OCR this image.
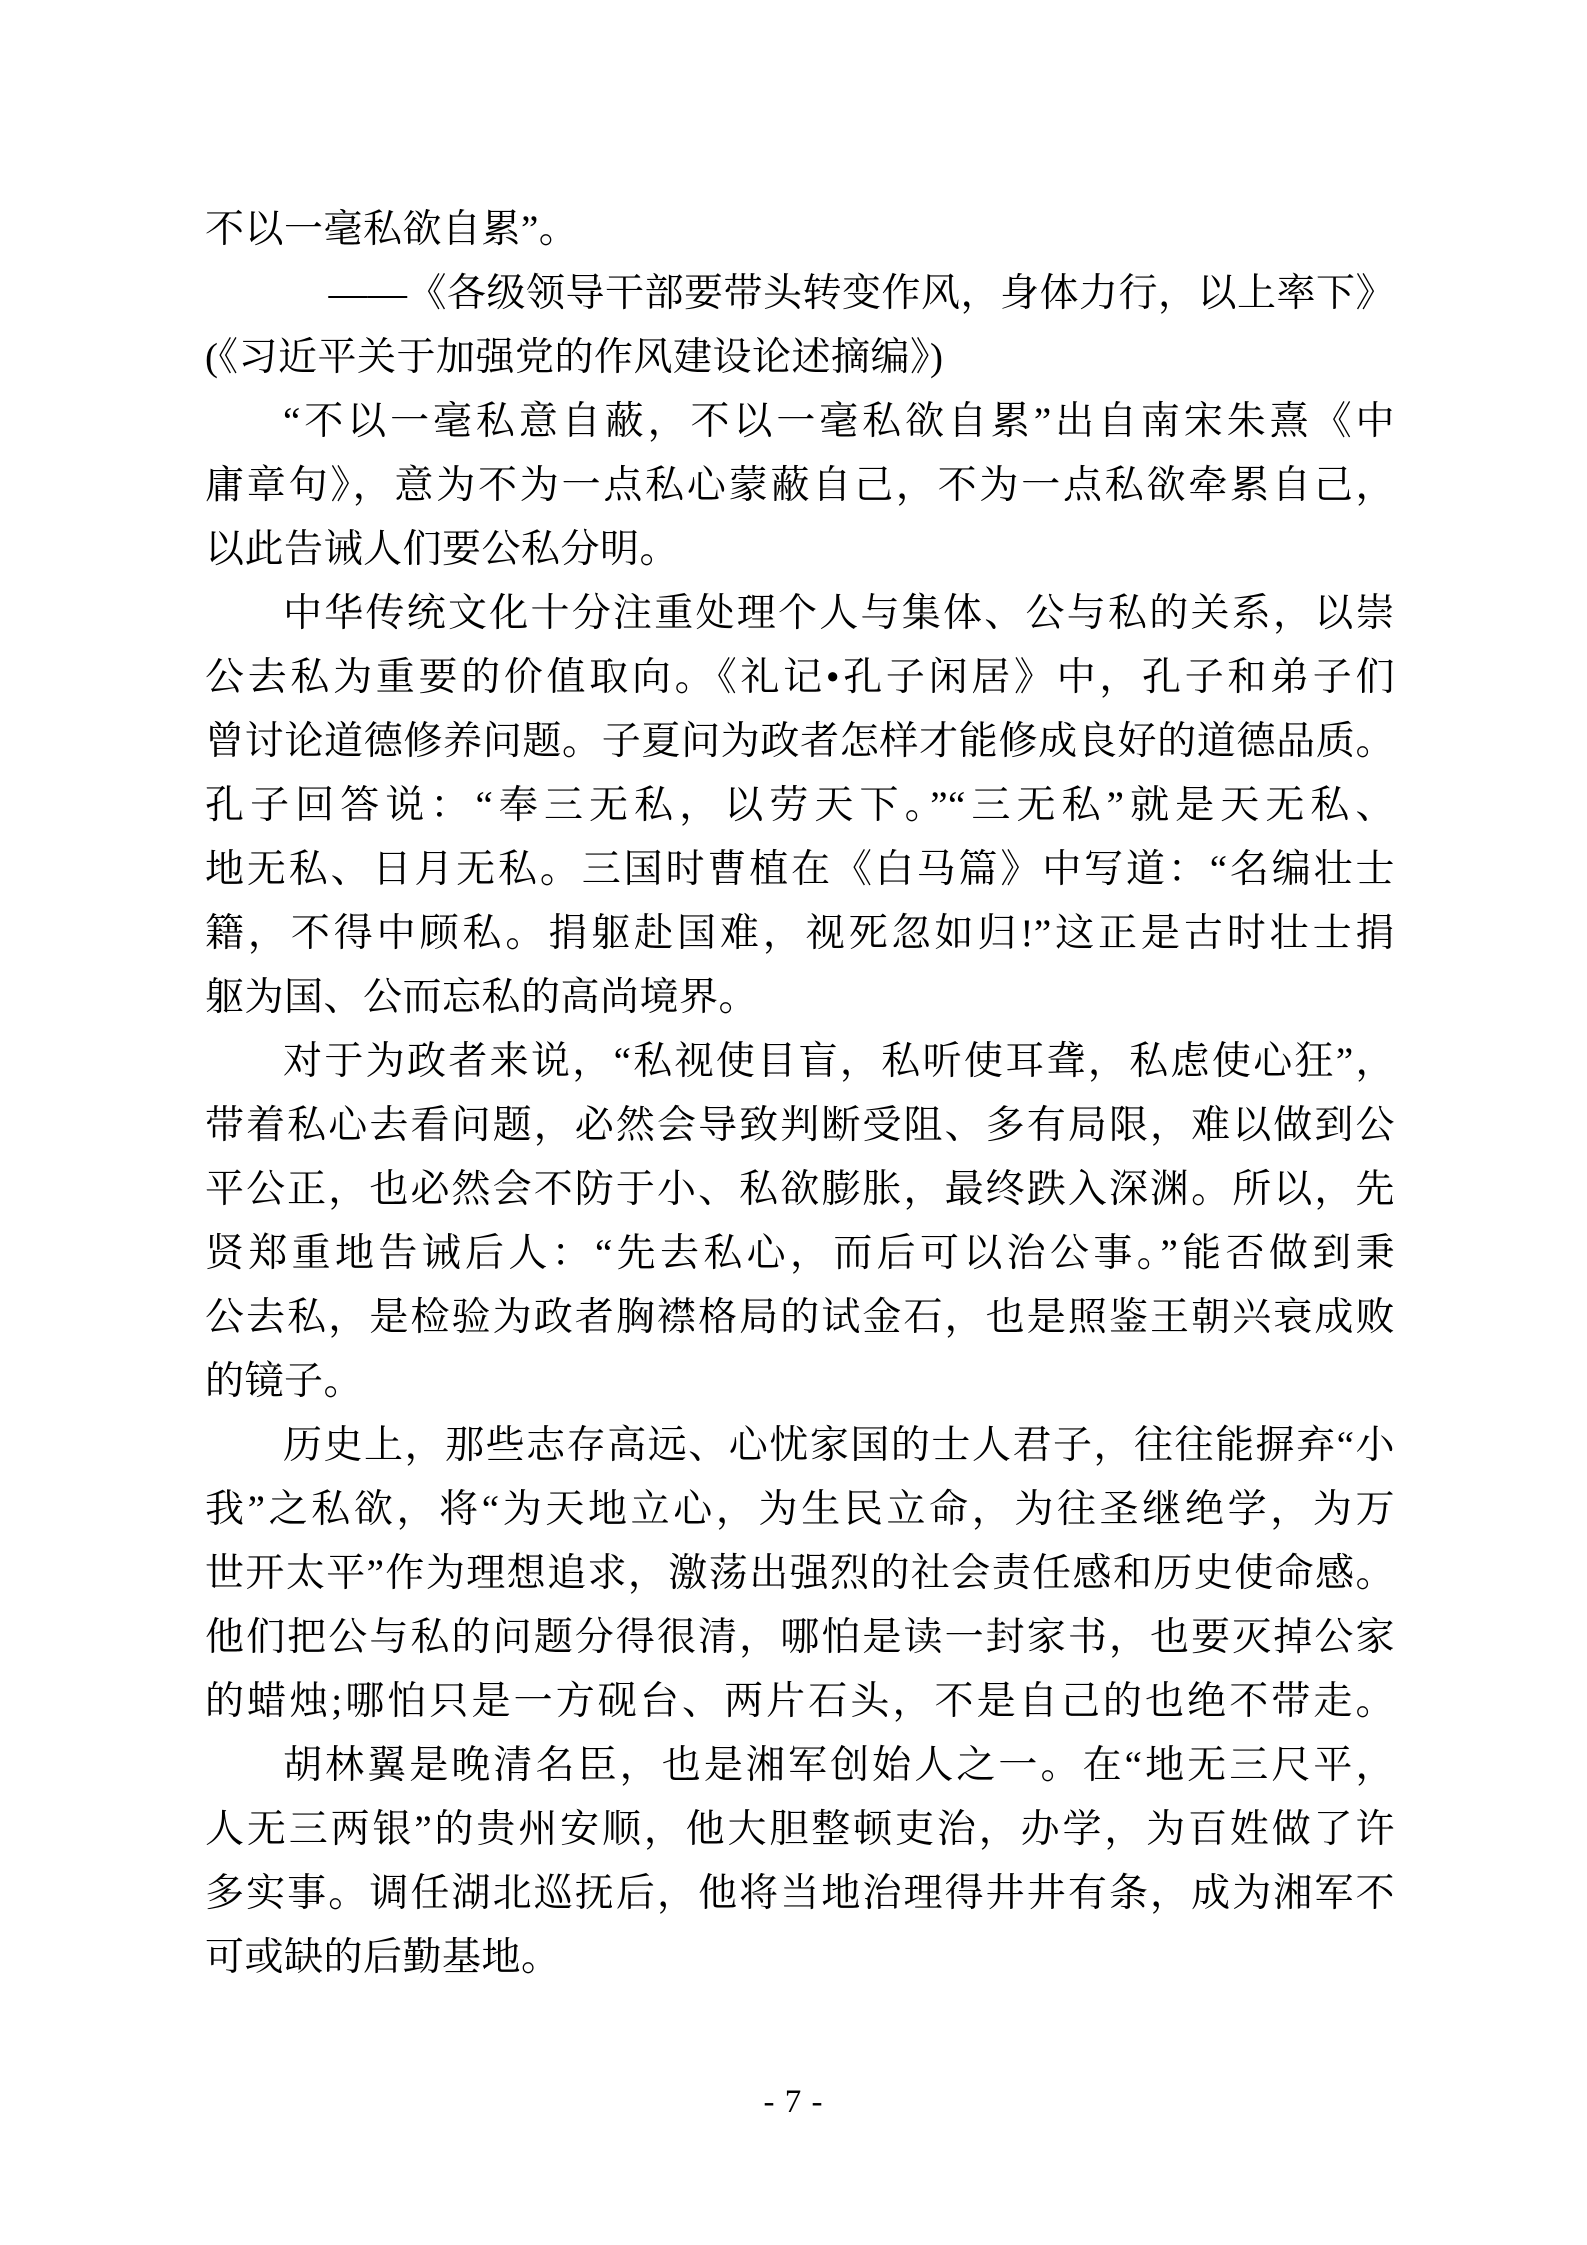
不以一毫私欲自累”。
——《各级领导干部要带头转变作风，身体力行，以上率下》
(《习近平关于加强党的作风建设论述摘编》)
“不以一毫私意自蔽，不以一毫私欲自累”出自南宋朱熹《中
庸章句》，意为不为一点私心蒙蔽自己，不为一点私欲牵累自己，
以此告诫人们要公私分明。
中华传统文化十分注重处理个人与集体、公与私的关系，以崇
公去私为重要的价值取向。《礼记•孔子闲居》中，孔子和弟子们
曾讨论道德修养问题。子夏问为政者怎样才能修成良好的道德品质。
孔子回答说：“奉三无私，以劳天下。”“三无私”就是天无私、
地无私、日月无私。三国时曹植在《白马篇》中写道：“名编壮士
籍，不得中顾私。捐躯赴国难，视死忽如归!”这正是古时壮士捐
躯为国、公而忘私的高尚境界。
对于为政者来说，“私视使目盲，私听使耳聋，私虑使心狂”，
带着私心去看问题，必然会导致判断受阻、多有局限，难以做到公
平公正，也必然会不防于小、私欲膨胀，最终跌入深渊。所以，先
贤郑重地告诫后人：“先去私心，而后可以治公事。”能否做到秉
公去私，是检验为政者胸襟格局的试金石，也是照鉴王朝兴衰成败
的镜子。
历史上，那些志存高远、心忧家国的士人君子，往往能摒弃“小
我”之私欲，将“为天地立心，为生民立命，为往圣继绝学，为万
世开太平”作为理想追求，激荡出强烈的社会责任感和历史使命感。
他们把公与私的问题分得很清，哪怕是读一封家书，也要灭掉公家
的蜡烛;哪怕只是一方砚台、两片石头，不是自己的也绝不带走。
胡林翼是晚清名臣，也是湘军创始人之一。在“地无三尺平，
人无三两银”的贵州安顺，他大胆整顿吏治，办学，为百姓做了许
多实事。调任湖北巡抚后，他将当地治理得井井有条，成为湘军不
可或缺的后勤基地。
- 7 -
